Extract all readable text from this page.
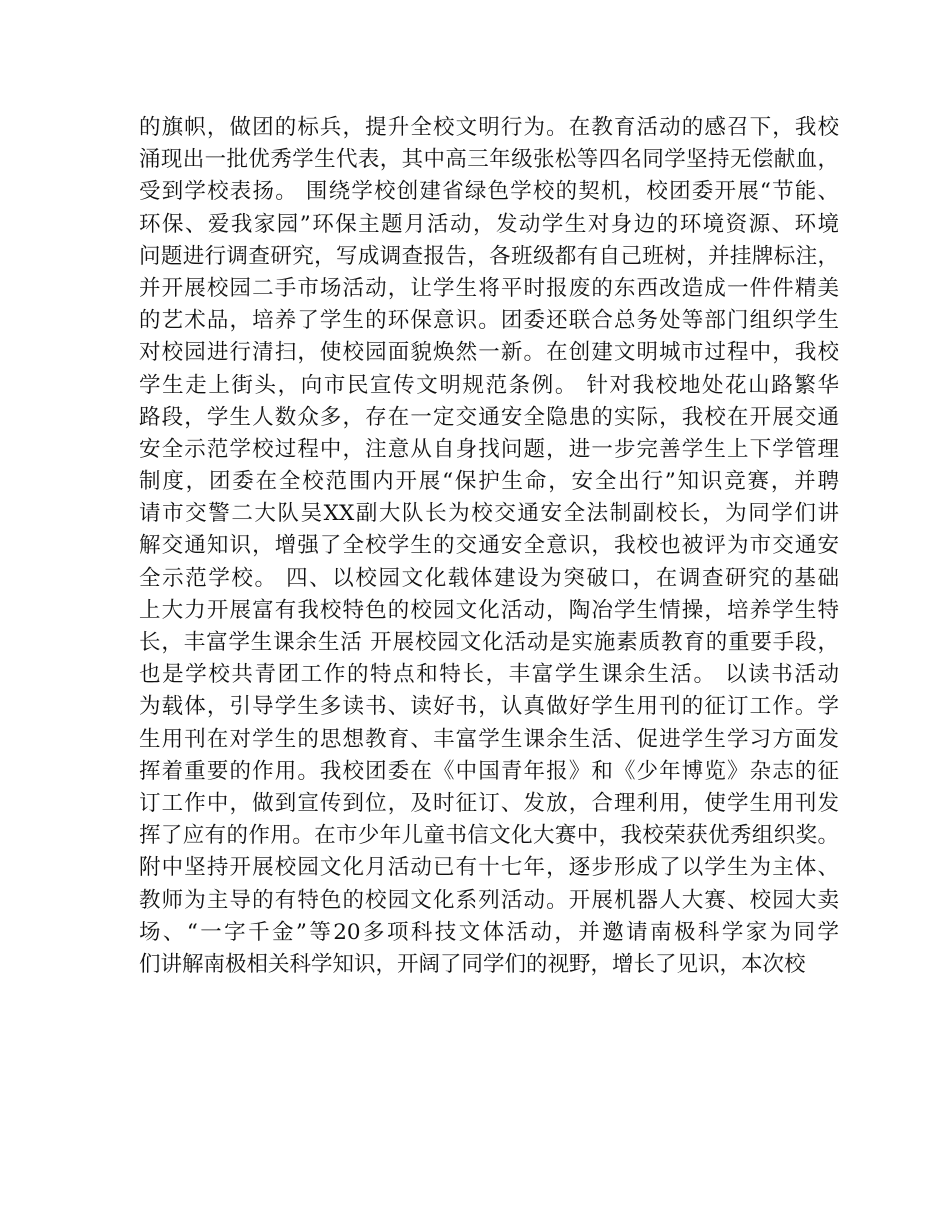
的旗帜，做团的标兵，提升全校文明行为。在教育活动的感召下，我校
涌现出一批优秀学生代表，其中高三年级张松等四名同学坚持无偿献血，
受到学校表扬。 围绕学校创建省绿色学校的契机，校团委开展“节能、
环保、爱我家园”环保主题月活动，发动学生对身边的环境资源、环境
问题进行调查研究，写成调查报告，各班级都有自己班树，并挂牌标注，
并开展校园二手市场活动，让学生将平时报废的东西改造成一件件精美
的艺术品，培养了学生的环保意识。团委还联合总务处等部门组织学生
对校园进行清扫，使校园面貌焕然一新。在创建文明城市过程中，我校
学生走上街头，向市民宣传文明规范条例。 针对我校地处花山路繁华
路段，学生人数众多，存在一定交通安全隐患的实际，我校在开展交通
安全示范学校过程中，注意从自身找问题，进一步完善学生上下学管理
制度，团委在全校范围内开展“保护生命，安全出行”知识竞赛，并聘
请市交警二大队吴XX副大队长为校交通安全法制副校长，为同学们讲
解交通知识，增强了全校学生的交通安全意识，我校也被评为市交通安
全示范学校。 四、以校园文化载体建设为突破口，在调查研究的基础
上大力开展富有我校特色的校园文化活动，陶冶学生情操，培养学生特
长，丰富学生课余生活 开展校园文化活动是实施素质教育的重要手段，
也是学校共青团工作的特点和特长，丰富学生课余生活。 以读书活动
为载体，引导学生多读书、读好书，认真做好学生用刊的征订工作。学
生用刊在对学生的思想教育、丰富学生课余生活、促进学生学习方面发
挥着重要的作用。我校团委在《中国青年报》和《少年博览》杂志的征
订工作中，做到宣传到位，及时征订、发放，合理利用，使学生用刊发
挥了应有的作用。在市少年儿童书信文化大赛中，我校荣获优秀组织奖。
附中坚持开展校园文化月活动已有十七年，逐步形成了以学生为主体、
教师为主导的有特色的校园文化系列活动。开展机器人大赛、校园大卖
场、“一字千金”等20多项科技文体活动，并邀请南极科学家为同学
们讲解南极相关科学知识，开阔了同学们的视野，增长了见识，本次校
